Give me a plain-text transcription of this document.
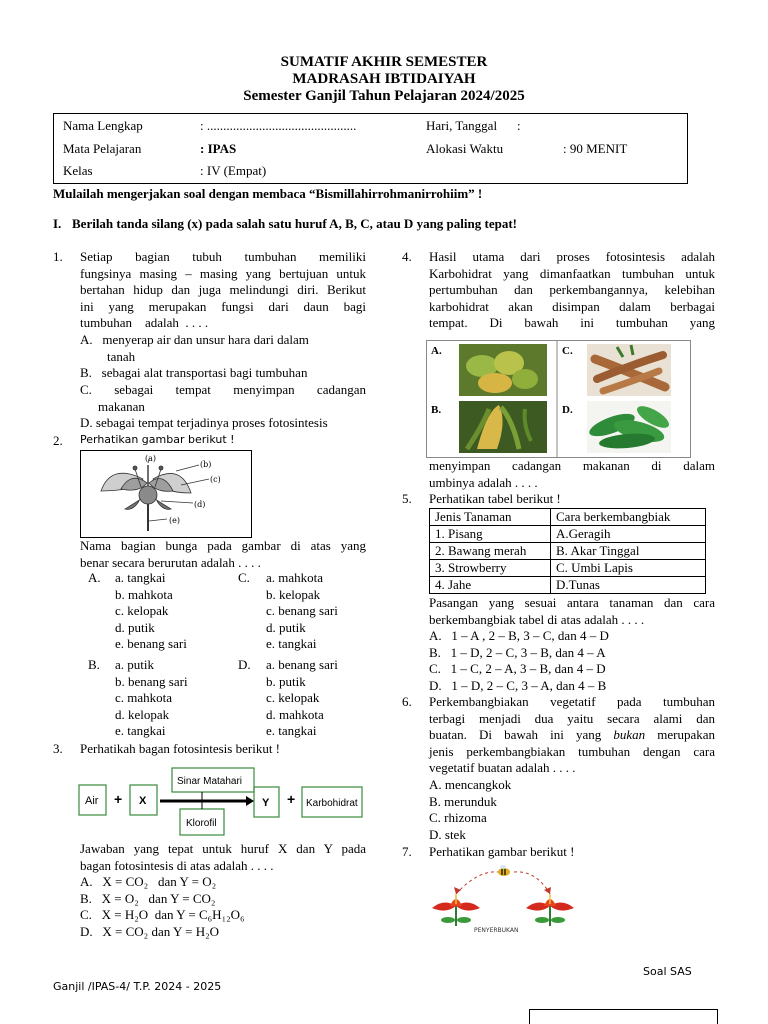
SUMATIF AKHIR SEMESTER
MADRASAH IBTIDAIYAH
Semester Ganjil Tahun Pelajaran 2024/2025
Nama Lengkap	: ..............................................	Hari, Tanggal :
Mata Pelajaran	: IPAS	Alokasi Waktu	: 90 MENIT
Kelas	: IV (Empat)
Mulailah mengerjakan soal dengan membaca “Bismillahirrohmanirrohiim” !
I. Berilah tanda silang (x) pada salah satu huruf A, B, C, atau D yang paling tepat!
1. Setiap bagian tubuh tumbuhan memiliki
fungsinya masing – masing yang bertujuan untuk
bertahan hidup dan juga melindungi diri. Berikut
ini yang merupakan fungsi dari daun bagi
tumbuhan    adalah  . . . .
A.   menyerap air dan unsur hara dari dalam
tanah
B.   sebagai alat transportasi bagi tumbuhan
C. sebagai tempat menyimpan cadangan
makanan
D. sebagai tempat terjadinya proses fotosintesis
2. Perhatikan gambar berikut !
(a)
(b)
(c)
(d)
(e)
Nama bagian bunga pada gambar di atas yang
benar secara berurutan adalah . . . .
A. a. tangkai
b. mahkota
c. kelopak
d. putik
e. benang sari
C. a. mahkota
b. kelopak
c. benang sari
d. putik
e. tangkai
B. a. putik
b. benang sari
c. mahkota
d. kelopak
e. tangkai
D. a. benang sari
b. putik
c. kelopak
d. mahkota
e. tangkai
3. Perhatikah bagan fotosintesis berikut !
Air + X
Sinar Matahari
Y + Karbohidrat
Klorofil
Jawaban yang tepat untuk huruf X dan Y pada
bagan fotosintesis di atas adalah . . . .
A.   X = CO₂   dan Y = O₂
B.   X = O₂   dan Y = CO₂
C.   X = H₂O  dan Y = C₆H₁₂O₆
D.   X = CO₂ dan Y = H₂O
4. Hasil utama dari proses fotosintesis adalah
Karbohidrat yang dimanfaatkan tumbuhan untuk
pertumbuhan dan perkembangannya, kelebihan
karbohidrat akan disimpan dalam berbagai
tempat. Di bawah ini tumbuhan yang
A.	C.
B.	D.
menyimpan cadangan makanan di dalam
umbinya adalah . . . .
5. Perhatikan tabel berikut !
Jenis Tanaman	Cara berkembangbiak
1. Pisang	A.Geragih
2. Bawang merah	B. Akar Tinggal
3. Strowberry	C. Umbi Lapis
4. Jahe	D.Tunas
Pasangan yang sesuai antara tanaman dan cara
berkembangbiak tabel di atas adalah . . . .
A.   1 – A , 2 – B, 3 – C, dan 4 – D
B.   1 – D, 2 – C, 3 – B, dan 4 – A
C.   1 – C, 2 – A, 3 – B, dan 4 – D
D.   1 – D, 2 – C, 3 – A, dan 4 – B
6. Perkembangbiakan vegetatif pada tumbuhan
terbagi menjadi dua yaitu secara alami dan
buatan. Di bawah ini yang bukan merupakan
jenis perkembangbiakan tumbuhan dengan cara
vegetatif buatan adalah . . . .
A. mencangkok
B. merunduk
C. rhizoma
D. stek
7. Perhatikan gambar berikut !
PENYERBUKAN
Soal SAS
Ganjil /IPAS-4/ T.P. 2024 - 2025
